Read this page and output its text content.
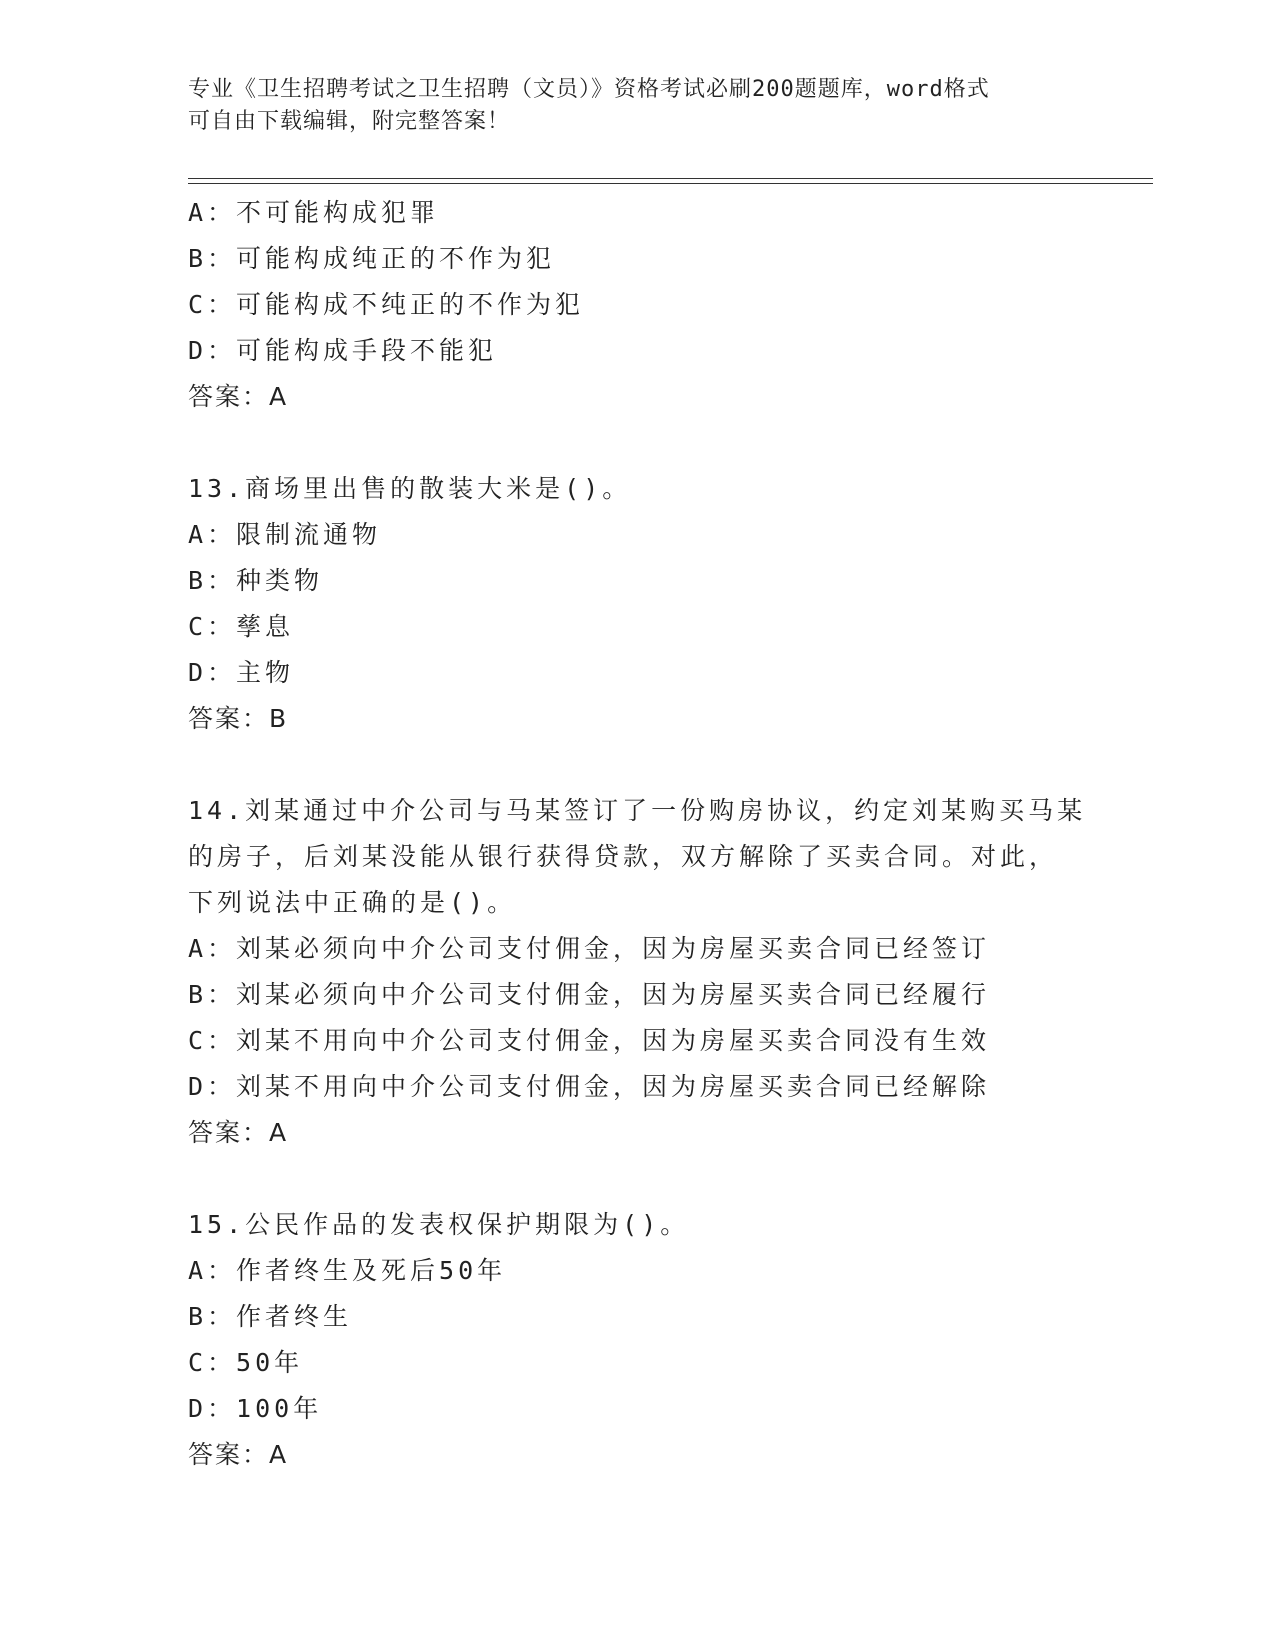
专业《卫生招聘考试之卫生招聘（文员）》资格考试必刷200题题库，word格式
可自由下载编辑，附完整答案！
A：不可能构成犯罪
B：可能构成纯正的不作为犯
C：可能构成不纯正的不作为犯
D：可能构成手段不能犯
答案：A
13.商场里出售的散装大米是()。
A：限制流通物
B：种类物
C：孳息
D：主物
答案：B
14.刘某通过中介公司与马某签订了一份购房协议，约定刘某购买马某
的房子，后刘某没能从银行获得贷款，双方解除了买卖合同。对此，
下列说法中正确的是()。
A：刘某必须向中介公司支付佣金，因为房屋买卖合同已经签订
B：刘某必须向中介公司支付佣金，因为房屋买卖合同已经履行
C：刘某不用向中介公司支付佣金，因为房屋买卖合同没有生效
D：刘某不用向中介公司支付佣金，因为房屋买卖合同已经解除
答案：A
15.公民作品的发表权保护期限为()。
A：作者终生及死后50年
B：作者终生
C：50年
D：100年
答案：A
